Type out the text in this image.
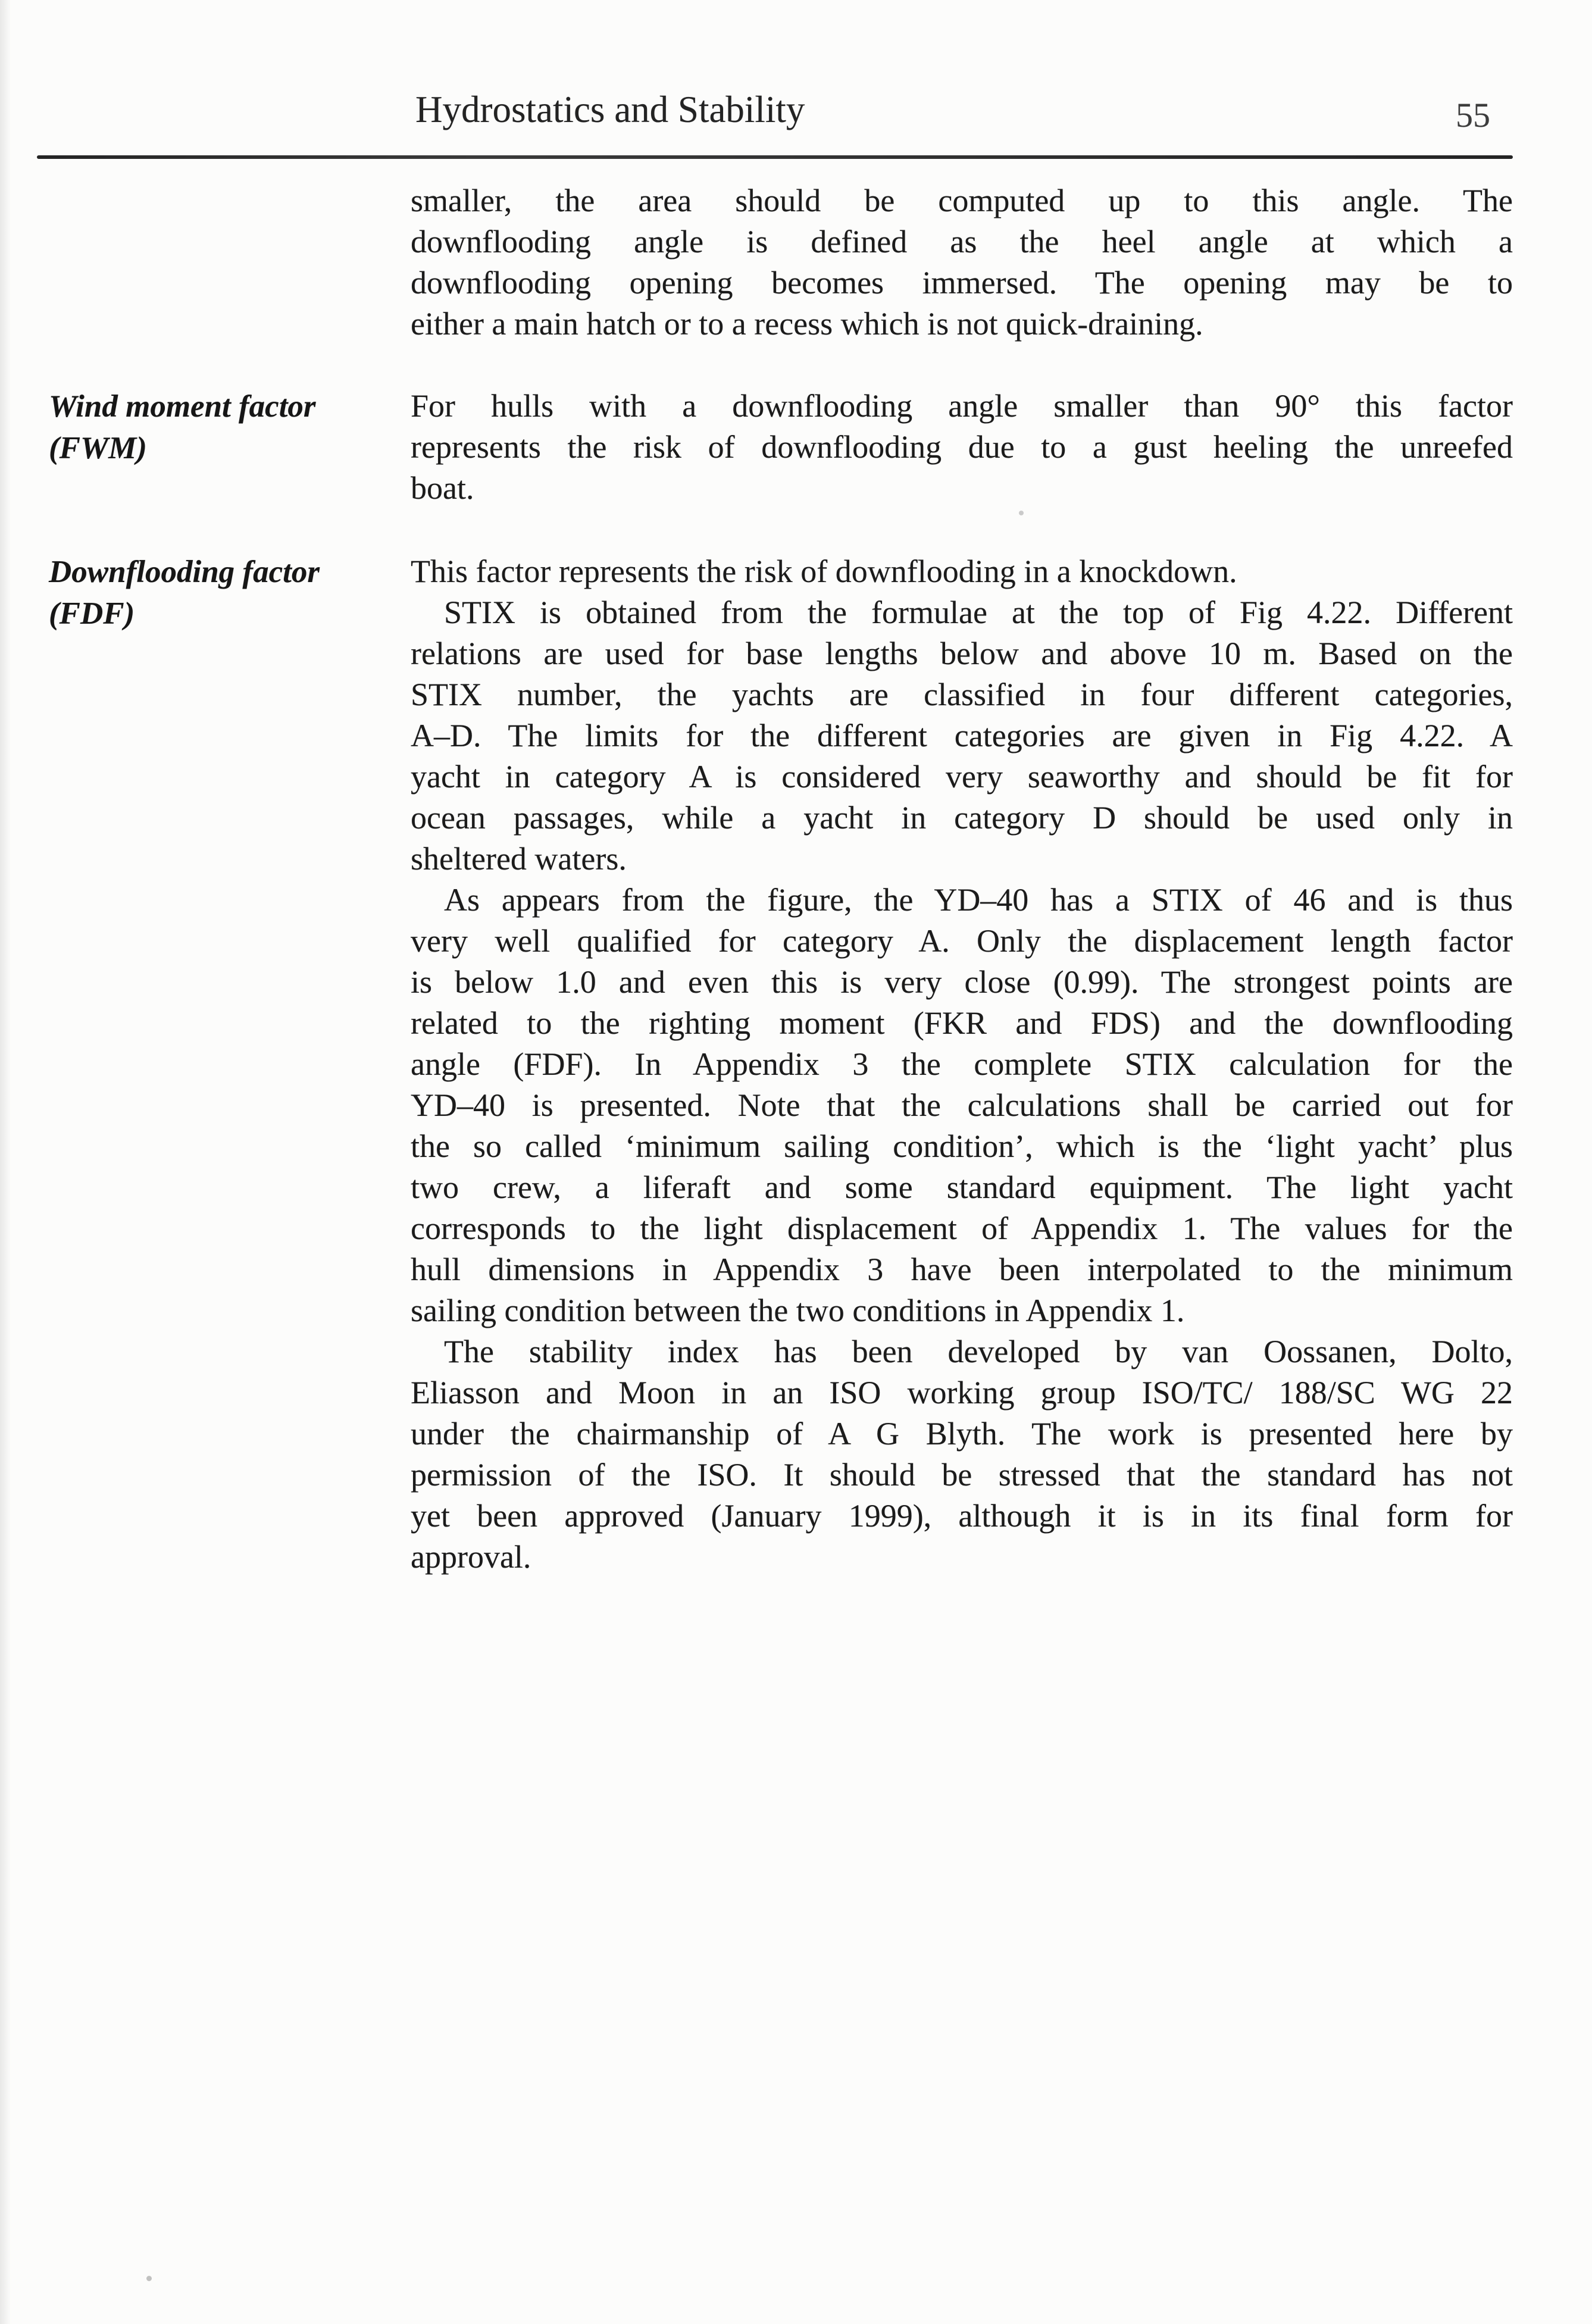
Hydrostatics and Stability	55
Wind moment factor
(FWM)
Downflooding factor
(FDF)
smaller, the area should be computed up to this angle. The
downflooding angle is defined as the heel angle at which a
downflooding opening becomes immersed. The opening may be to
either a main hatch or to a recess which is not quick-draining.
For hulls with a downflooding angle smaller than 90° this factor
represents the risk of downflooding due to a gust heeling the unreefed
boat.
This factor represents the risk of downflooding in a knockdown.
STIX is obtained from the formulae at the top of Fig 4.22. Different
relations are used for base lengths below and above 10 m. Based on the
STIX number, the yachts are classified in four different categories,
A–D. The limits for the different categories are given in Fig 4.22. A
yacht in category A is considered very seaworthy and should be fit for
ocean passages, while a yacht in category D should be used only in
sheltered waters.
As appears from the figure, the YD–40 has a STIX of 46 and is thus
very well qualified for category A. Only the displacement length factor
is below 1.0 and even this is very close (0.99). The strongest points are
related to the righting moment (FKR and FDS) and the downflooding
angle (FDF). In Appendix 3 the complete STIX calculation for the
YD–40 is presented. Note that the calculations shall be carried out for
the so called ‘minimum sailing condition’, which is the ‘light yacht’ plus
two crew, a liferaft and some standard equipment. The light yacht
corresponds to the light displacement of Appendix 1. The values for the
hull dimensions in Appendix 3 have been interpolated to the minimum
sailing condition between the two conditions in Appendix 1.
The stability index has been developed by van Oossanen, Dolto,
Eliasson and Moon in an ISO working group ISO/TC/ 188/SC WG 22
under the chairmanship of A G Blyth. The work is presented here by
permission of the ISO. It should be stressed that the standard has not
yet been approved (January 1999), although it is in its final form for
approval.
